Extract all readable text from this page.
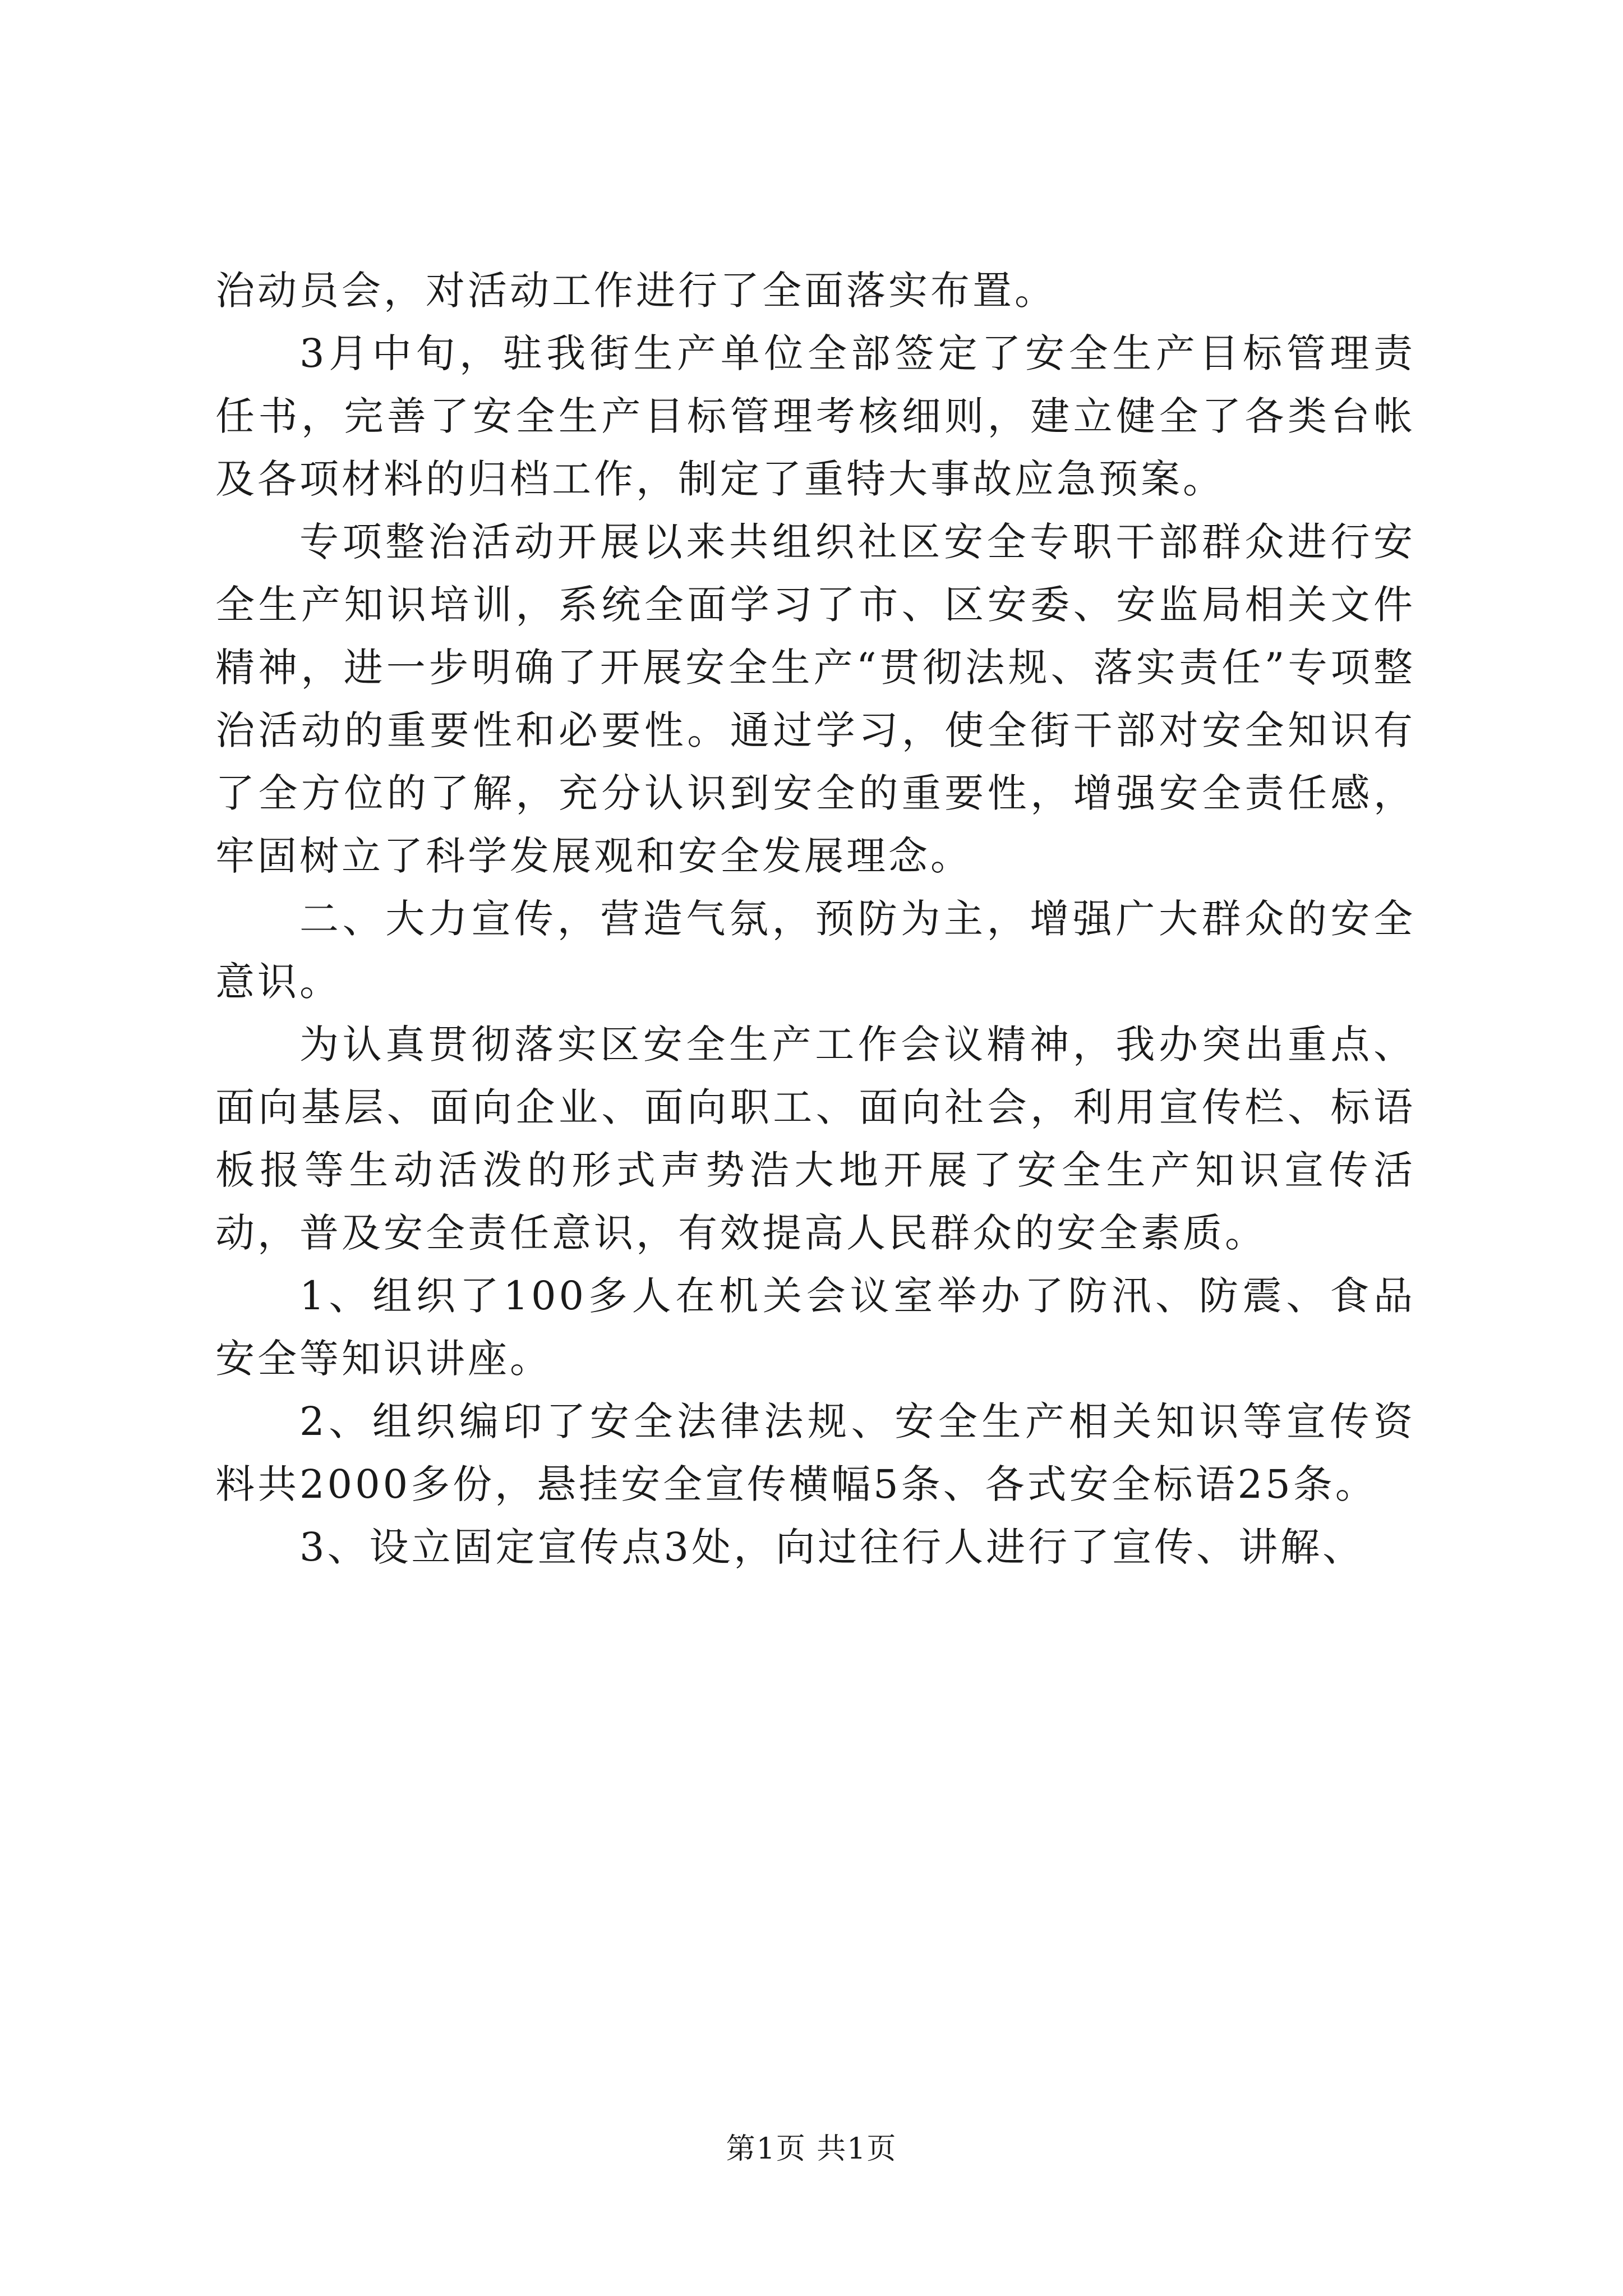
治动员会，对活动工作进行了全面落实布置。

3月中旬，驻我街生产单位全部签定了安全生产目标管理责任书，完善了安全生产目标管理考核细则，建立健全了各类台帐及各项材料的归档工作，制定了重特大事故应急预案。

专项整治活动开展以来共组织社区安全专职干部群众进行安全生产知识培训，系统全面学习了市、区安委、安监局相关文件精神，进一步明确了开展安全生产“贯彻法规、落实责任”专项整治活动的重要性和必要性。通过学习，使全街干部对安全知识有了全方位的了解，充分认识到安全的重要性，增强安全责任感，牢固树立了科学发展观和安全发展理念。

二、大力宣传，营造气氛，预防为主，增强广大群众的安全意识。

为认真贯彻落实区安全生产工作会议精神，我办突出重点、面向基层、面向企业、面向职工、面向社会，利用宣传栏、标语板报等生动活泼的形式声势浩大地开展了安全生产知识宣传活动，普及安全责任意识，有效提高人民群众的安全素质。

1、组织了100多人在机关会议室举办了防汛、防震、食品安全等知识讲座。

2、组织编印了安全法律法规、安全生产相关知识等宣传资料共2000多份，悬挂安全宣传横幅5条、各式安全标语25条。

3、设立固定宣传点3处，向过往行人进行了宣传、讲解、

第1页 共1页
